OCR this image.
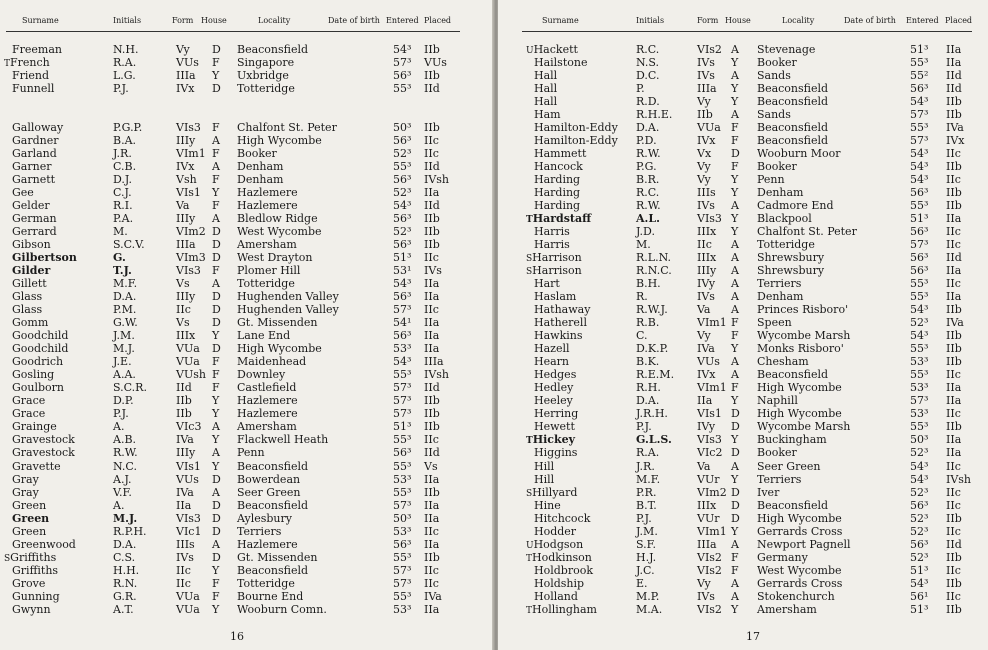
Surname	Initials	Form House	Locality	Date of birth Entered Placed
Freeman	N.H.	Vy D Beaconsfield	54³ IIb
TFrench	R.A.	VUs F Singapore	57³ VUs
Friend	L.G.	IIIa Y Uxbridge	56³ IIb
Funnell	P.J.	IVx D Totteridge	55³ IId
Galloway	P.G.P.	VIs3 F Chalfont St. Peter	50³ IIb
Gardner	B.A.	IIIy A High Wycombe	56³ IIc
Garland	J.R.	VIm1 F Booker	52³ IIc
Garner	C.B.	IVx A Denham	55³ IId
Garnett	D.J.	Vsh F Denham	56³ IVsh
Gee	C.J.	VIs1 Y Hazlemere	52³ IIa
Gelder	R.I.	Va F Hazlemere	54³ IId
German	P.A.	IIIy A Bledlow Ridge	56³ IIb
Gerrard	M.	VIm2 D West Wycombe	52³ IIb
Gibson	S.C.V.	IIIa D Amersham	56³ IIb
Gilbertson	G.	VIm3 D West Drayton	51³ IIc
Gilder	T.J.	VIs3 F Plomer Hill	53¹ IVs
Gillett	M.F.	Vs A Totteridge	54³ IIa
Glass	D.A.	IIIy D Hughenden Valley	56³ IIa
Glass	P.M.	IIc D Hughenden Valley	57³ IIc
Gomm	G.W.	Vs D Gt. Missenden	54¹ IIa
Goodchild	J.M.	IIIx Y Lane End	56³ IIa
Goodchild	M.J.	VUa D High Wycombe	53³ IIa
Goodrich	J.E.	VUa F Maidenhead	54³ IIIa
Gosling	A.A.	VUsh F Downley	55³ IVsh
Goulborn	S.C.R.	IId F Castlefield	57³ IId
Grace	D.P.	IIb Y Hazlemere	57³ IIb
Grace	P.J.	IIb Y Hazlemere	57³ IIb
Grainge	A.	VIc3 A Amersham	51³ IIb
Gravestock	A.B.	IVa Y Flackwell Heath	55³ IIc
Gravestock	R.W.	IIIy A Penn	56³ IId
Gravette	N.C.	VIs1 Y Beaconsfield	55³ Vs
Gray	A.J.	VUs D Bowerdean	53³ IIa
Gray	V.F.	IVa A Seer Green	55³ IIb
Green	A.	IIa D Beaconsfield	57³ IIa
Green	M.J.	VIs3 D Aylesbury	50³ IIa
Green	R.P.H.	VIc1 D Terriers	53³ IIc
Greenwood	D.A.	IIIs A Hazlemere	56³ IIa
SGriffiths	C.S.	IVs D Gt. Missenden	55³ IIb
Griffiths	H.H.	IIc Y Beaconsfield	57³ IIc
Grove	R.N.	IIc F Totteridge	57³ IIc
Gunning	G.R.	VUa F Bourne End	55³ IVa
Gwynn	A.T.	VUa Y Wooburn Comn.	53³ IIa
16
Surname	Initials	Form House	Locality	Date of birth Entered Placed
UHackett	R.C.	VIs2 A Stevenage	51³ IIa
Hailstone	N.S.	IVs Y Booker	55³ IIa
Hall	D.C.	IVs A Sands	55² IId
Hall	P.	IIIa Y Beaconsfield	56³ IId
Hall	R.D.	Vy Y Beaconsfield	54³ IIb
Ham	R.H.E. IIb A Sands	57³ IIb
Hamilton-Eddy D.A.	VUa F Beaconsfield	55³ IVa
Hamilton-Eddy P.D.	IVx F Beaconsfield	57³ IVx
Hammett	R.W.	Vx D Wooburn Moor	54³ IIc
Hancock	P.G.	Vy F Booker	54³ IIb
Harding	B.R.	Vy Y Penn	54³ IIc
Harding	R.C.	IIIs Y Denham	56³ IIb
Harding	R.W.	IVs A Cadmore End	55³ IIb
THardstaff	A.L.	VIs3 Y Blackpool	51³ IIa
Harris	J.D.	IIIx Y Chalfont St. Peter	56³ IIc
Harris	M.	IIc A Totteridge	57³ IIc
SHarrison	R.L.N. IIIx A Shrewsbury	56³ IId
SHarrison	R.N.C. IIIy A Shrewsbury	56³ IIa
Hart	B.H.	IVy A Terriers	55³ IIc
Haslam	R.	IVs A Denham	55³ IIa
Hathaway	R.W.J.	Va A Princes Risboro'	54³ IIb
Hatherell	R.B.	VIm1 F Speen	52³ IVa
Hawkins	C.	Vy F Wycombe Marsh	54³ IIb
Hazell	D.K.P.	IVa Y Monks Risboro'	55³ IIb
Hearn	B.K.	VUs A Chesham	53³ IIb
Hedges	R.E.M. IVx A Beaconsfield	55³ IIc
Hedley	R.H.	VIm1 F High Wycombe	53³ IIa
Heeley	D.A.	IIa Y Naphill	57³ IIa
Herring	J.R.H.	VIs1 D High Wycombe	53³ IIc
Hewett	P.J.	IVy D Wycombe Marsh	55³ IIb
THickey	G.L.S. VIs3 Y Buckingham	50³ IIa
Higgins	R.A.	VIc2 D Booker	52³ IIa
Hill	J.R.	Va A Seer Green	54³ IIc
Hill	M.F.	VUr Y Terriers	54³ IVsh
SHillyard	P.R.	VIm2 D Iver	52³ IIc
Hine	B.T.	IIIx D Beaconsfield	56³ IIc
Hitchcock	P.J.	VUr D High Wycombe	52³ IIb
Hodder	J.M.	VIm1 Y Gerrards Cross	52³ IIc
UHodgson	S.F.	IIIa A Newport Pagnell	56³ IId
THodkinson	H.J.	VIs2 F Germany	52³ IIb
Holdbrook	J.C.	VIs2 F West Wycombe	51³ IIc
Holdship	E.	Vy A Gerrards Cross	54³ IIb
Holland	M.P.	IVs A Stokenchurch	56¹ IIc
THollingham	M.A.	VIs2 Y Amersham	51³ IIb
17
